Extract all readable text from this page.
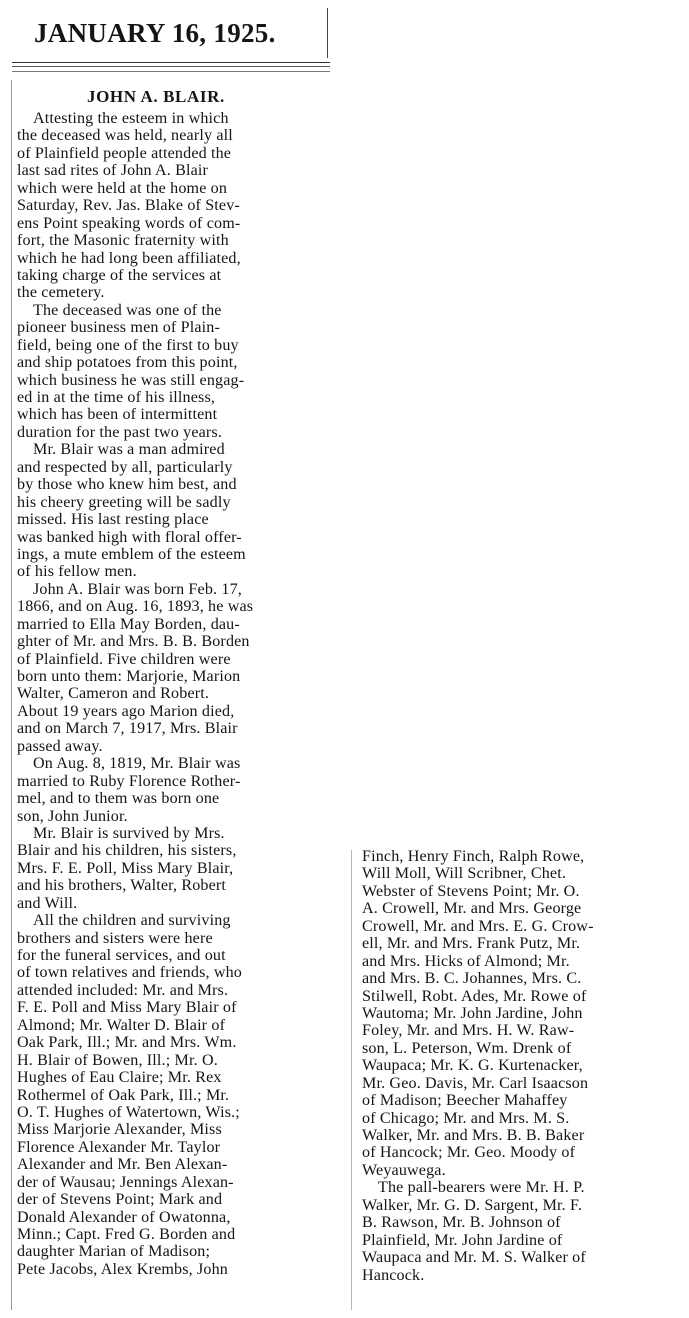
JANUARY 16, 1925.
JOHN A. BLAIR.
Attesting the esteem in which
the deceased was held, nearly all
of Plainfield people attended the
last sad rites of John A. Blair
which were held at the home on
Saturday, Rev. Jas. Blake of Stev-
ens Point speaking words of com-
fort, the Masonic fraternity with
which he had long been affiliated,
taking charge of the services at
the cemetery.
The deceased was one of the
pioneer business men of Plain-
field, being one of the first to buy
and ship potatoes from this point,
which business he was still engag-
ed in at the time of his illness,
which has been of intermittent
duration for the past two years.
Mr. Blair was a man admired
and respected by all, particularly
by those who knew him best, and
his cheery greeting will be sadly
missed. His last resting place
was banked high with floral offer-
ings, a mute emblem of the esteem
of his fellow men.
John A. Blair was born Feb. 17,
1866, and on Aug. 16, 1893, he was
married to Ella May Borden, dau-
ghter of Mr. and Mrs. B. B. Borden
of Plainfield. Five children were
born unto them: Marjorie, Marion
Walter, Cameron and Robert.
About 19 years ago Marion died,
and on March 7, 1917, Mrs. Blair
passed away.
On Aug. 8, 1819, Mr. Blair was
married to Ruby Florence Rother-
mel, and to them was born one
son, John Junior.
Mr. Blair is survived by Mrs.
Blair and his children, his sisters,
Mrs. F. E. Poll, Miss Mary Blair,
and his brothers, Walter, Robert
and Will.
All the children and surviving
brothers and sisters were here
for the funeral services, and out
of town relatives and friends, who
attended included: Mr. and Mrs.
F. E. Poll and Miss Mary Blair of
Almond; Mr. Walter D. Blair of
Oak Park, Ill.; Mr. and Mrs. Wm.
H. Blair of Bowen, Ill.; Mr. O.
Hughes of Eau Claire; Mr. Rex
Rothermel of Oak Park, Ill.; Mr.
O. T. Hughes of Watertown, Wis.;
Miss Marjorie Alexander, Miss
Florence Alexander Mr. Taylor
Alexander and Mr. Ben Alexan-
der of Wausau; Jennings Alexan-
der of Stevens Point; Mark and
Donald Alexander of Owatonna,
Minn.; Capt. Fred G. Borden and
daughter Marian of Madison;
Pete Jacobs, Alex Krembs, John
Finch, Henry Finch, Ralph Rowe,
Will Moll, Will Scribner, Chet.
Webster of Stevens Point; Mr. O.
A. Crowell, Mr. and Mrs. George
Crowell, Mr. and Mrs. E. G. Crow-
ell, Mr. and Mrs. Frank Putz, Mr.
and Mrs. Hicks of Almond; Mr.
and Mrs. B. C. Johannes, Mrs. C.
Stilwell, Robt. Ades, Mr. Rowe of
Wautoma; Mr. John Jardine, John
Foley, Mr. and Mrs. H. W. Raw-
son, L. Peterson, Wm. Drenk of
Waupaca; Mr. K. G. Kurtenacker,
Mr. Geo. Davis, Mr. Carl Isaacson
of Madison; Beecher Mahaffey
of Chicago; Mr. and Mrs. M. S.
Walker, Mr. and Mrs. B. B. Baker
of Hancock; Mr. Geo. Moody of
Weyauwega.
The pall-bearers were Mr. H. P.
Walker, Mr. G. D. Sargent, Mr. F.
B. Rawson, Mr. B. Johnson of
Plainfield, Mr. John Jardine of
Waupaca and Mr. M. S. Walker of
Hancock.
